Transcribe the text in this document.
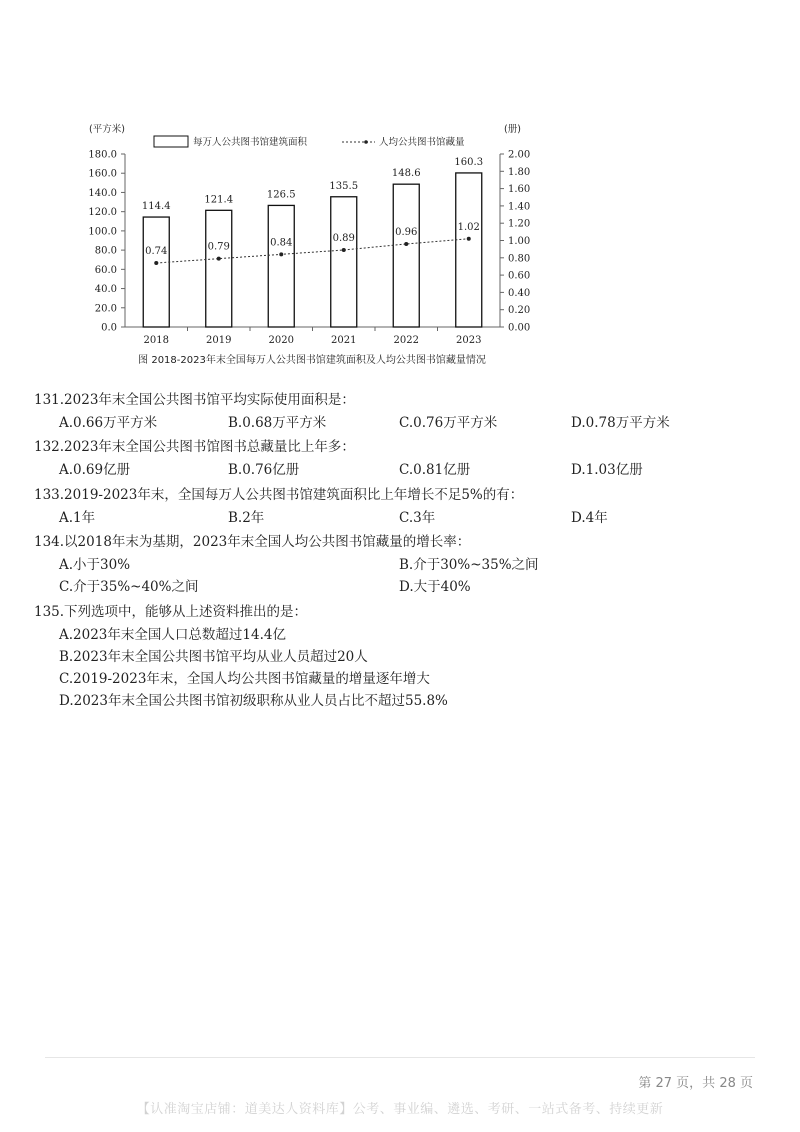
0.0
20.0
40.0
60.0
80.0
100.0
120.0
140.0
160.0
180.0
0.00
0.20
0.40
0.60
0.80
1.00
1.20
1.40
1.60
1.80
2.00
2018	2019	2020	2021	2022	2023
(平方米)	(册)
114.4
121.4	126.5
135.5
148.6
160.3
0.74	0.79	0.84	0.89
0.96	1.02
每万人公共图书馆建筑面积	人均公共图书馆藏量
图 2018-2023年末全国每万人公共图书馆建筑面积及人均公共图书馆藏量情况
131.2023年末全国公共图书馆平均实际使用面积是：
A.0.66万平方米	B.0.68万平方米	C.0.76万平方米	D.0.78万平方米
132.2023年末全国公共图书馆图书总藏量比上年多：
A.0.69亿册	B.0.76亿册	C.0.81亿册	D.1.03亿册
133.2019-2023年末，全国每万人公共图书馆建筑面积比上年增长不足5%的有：
A.1年	B.2年	C.3年	D.4年
134.以2018年末为基期，2023年末全国人均公共图书馆藏量的增长率：
A.小于30%	B.介于30%~35%之间
C.介于35%~40%之间	D.大于40%
135.下列选项中，能够从上述资料推出的是：
A.2023年末全国人口总数超过14.4亿
B.2023年末全国公共图书馆平均从业人员超过20人
C.2019-2023年末，全国人均公共图书馆藏量的增量逐年增大
D.2023年末全国公共图书馆初级职称从业人员占比不超过55.8%
第 27 页，共 28 页
【认准淘宝店铺：道美达人资料库】公考、事业编、遴选、考研、一站式备考、持续更新
